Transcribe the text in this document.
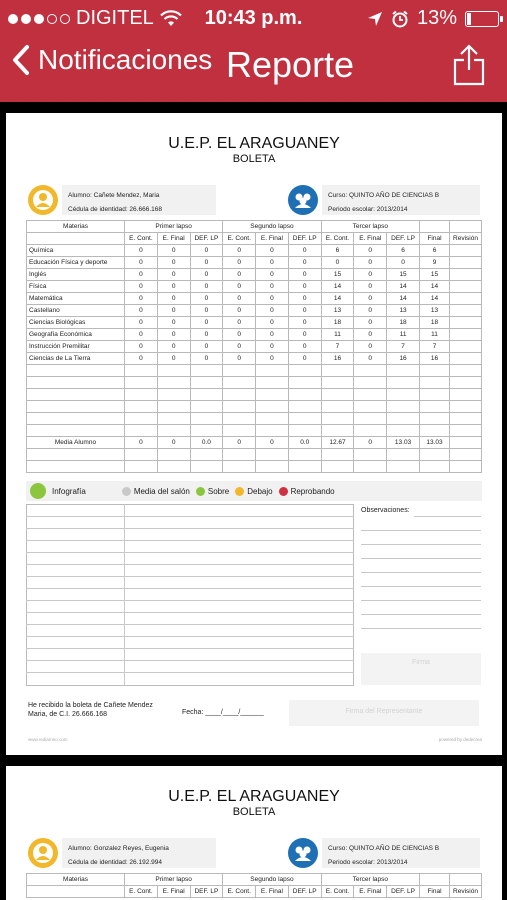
DIGITEL	10:43 p.m.	13%
Notificaciones Reporte
U.E.P. EL ARAGUANEY
BOLETA
Alumno: Cañete Mendez, Maria
Cédula de identidad: 26.666.168
Curso: QUINTO AÑO DE CIENCIAS B
Periodo escolar: 2013/2014
Materias	Primer lapso			Segundo lapso			Tercer lapso				
	E. Cont.	E. Final	DEF. LP	E. Cont.	E. Final	DEF. LP	E. Cont.	E. Final	DEF. LP	Final	Revisión
Química	0	0	0	0	0	0	6	0	6	6	
Educación Física y deporte	0	0	0	0	0	0	0	0	0	9	
Inglés	0	0	0	0	0	0	15	0	15	15	
Física	0	0	0	0	0	0	14	0	14	14	
Matemática	0	0	0	0	0	0	14	0	14	14	
Castellano	0	0	0	0	0	0	13	0	13	13	
Ciencias Biológicas	0	0	0	0	0	0	18	0	18	18	
Geografía Económica	0	0	0	0	0	0	11	0	11	11	
Instrucción Premilitar	0	0	0	0	0	0	7	0	7	7	
Ciencias de La Tierra	0	0	0	0	0	0	16	0	16	16	

Media Alumno	0	0	0.0	0	0	0.0	12.67	0	13.03	13.03	

Infografía	Media del salón Sobre Debajo Reprobando
Observaciones:
Firma
He recibido la boleta de Cañete Mendez Maria, de C.I. 26.666.168	Fecha: ____/____/______	Firma del Representante
www.rediarneo.com	powered by dedecrea
U.E.P. EL ARAGUANEY
BOLETA
Alumno: Gonzalez Reyes, Eugenia
Cédula de identidad: 26.192.994
Curso: QUINTO AÑO DE CIENCIAS B
Periodo escolar: 2013/2014
Materias	Primer lapso			Segundo lapso			Tercer lapso				
	E. Cont.	E. Final	DEF. LP	E. Cont.	E. Final	DEF. LP	E. Cont.	E. Final	DEF. LP	Final	Revisión
